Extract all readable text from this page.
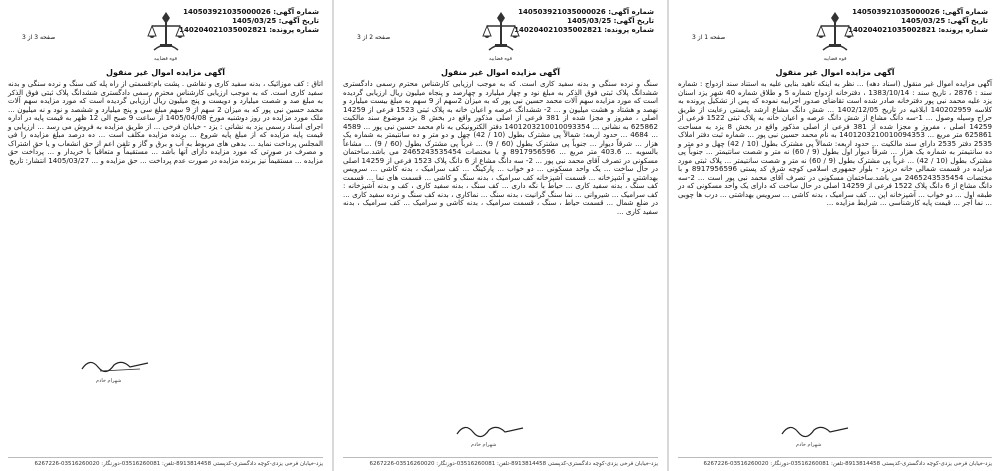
شماره آگهی: 140503921035000026
تاریخ آگهی: 1405/03/25
شماره پرونده: 140204021035002821
صفحه 3 از 3
قوه قضاییه
آگهی مزایده اموال غیر منقول
اتاق : کف موزائیک ، بدنه سفید کاری و نقاشی . پشت بام:قسمتی از راه پله کف سنگ و نرده سنگی و بدنه سفید کاری است. که به موجب ارزیابی کارشناس محترم رسمی دادگستری ششدانگ پلاک ثبتی فوق الذکر به مبلغ صد و شصت میلیارد و دویست و پنج میلیون ریال ارزیابی گردیده است که مورد مزایده سهم آلات محمد حسین نبی پور که به میزان 2 سهم از 9 سهم مبلغ سی و پنج میلیارد و ششصد و نود و نه میلیون ... ملک مورد مزایده در روز دوشنبه مورخ 1405/04/08 از ساعت 9 صبح الی 12 ظهر به قیمت پایه در اداره اجرای اسناد رسمی یزد به نشانی : یزد - خیابان فرخی ... از طریق مزایده به فروش می رسد ... ارزیابی و قیمت پایه مزایده که از مبلغ پایه شروع ... برنده مزایده مکلف است ... ده درصد مبلغ مزایده را فی المجلس پرداخت نماید ... بدهی های مربوط به آب و برق و گاز و تلفن اعم از حق انشعاب و یا حق اشتراک و مصرف در صورتی که مورد مزایده دارای آنها باشد ... مستقیماً و متعاقباً با خریدار و ... پرداخت حق مزایده ... مستقیماً نیز برنده مزایده در صورت عدم پرداخت ... حق مزایده و ... 1405/03/27 انتشار: تاریخ
شهرام خادم
یزد-خیابان فرخی یزدی-کوچه دادگستری-کدپستی 8913814458-تلفن: 03516260081-دورنگار: 03516260020-6267226
شماره آگهی: 140503921035000026
تاریخ آگهی: 1405/03/25
شماره پرونده: 140204021035002821
صفحه 2 از 3
قوه قضاییه
آگهی مزایده اموال غیر منقول
سنگ و نرده سنگی و بدنه سفید کاری است. که به موجب ارزیابی کارشناس محترم رسمی دادگستری ششدانگ پلاک ثبتی فوق الذکر به مبلغ نود و چهار میلیارد و چهارصد و پنجاه میلیون ریال ارزیابی گردیده است که مورد مزایده سهم آلات محمد حسین نبی پور که به میزان 2سهم از 9 سهم به مبلغ بیست میلیارد و نهصد و هشتاد و هشت میلیون و ... 2- ششدانگ عرصه و اعیان خانه به پلاک ثبتی 1523 فرعی از 14259 اصلی ، مفروز و مجزا شده از 381 فرعی از اصلی مذکور واقع در بخش 8 یزد موضوع سند مالکیت 625862 به نشانی ... 1401203210010093354 دفتر الکترونیکی به نام محمد حسین نبی پور ... 4589 ... 4684 ... حدود اربعه: شمالاً پی مشترک بطول (10 / 42) چهل و دو متر و ده سانتیمتر به شماره یک هزار ... شرقاً دیوار ... جنوباً پی مشترک بطول (60 / 9) ... غرباً پی مشترک بطول (60 / 9) ... مشاعاً بالسویه ... 403.6 متر مربع ... 8917956596 و با مختصات 2465243535454 می باشد.ساختمان مسکونی در تصرف آقای محمد نبی پور ... 2- سه دانگ مشاع از 6 دانگ پلاک 1523 فرعی از 14259 اصلی در حال ساخت ... یک واحد مسکونی ... دو خواب ... پارکینگ ... کف سرامیک ، بدنه کاشی ... سرویس بهداشتی و آشپزخانه ... قسمت آشپزخانه کف سرامیک ، بدنه سنگ و کاشی ... قسمت های نما ... قسمت کف سنگ ، بدنه سفید کاری ... حیاط با نگه داری ... کف سنگ ، بدنه سفید کاری ، کف و بدنه آشپزخانه : کف سرامیک ... شیروانی ... نما سنگ گرانیت ، بدنه سنگ ... نماکاری ، بدنه کف سنگ و نرده سفید کاری ... در ضلع شمال ... قسمت حیاط ، سنگ ، قسمت سرامیک ، بدنه کاشی و سرامیک ... کف سرامیک ، بدنه سفید کاری ...
شهرام خادم
یزد-خیابان فرخی یزدی-کوچه دادگستری-کدپستی 8913814458-تلفن: 03516260081-دورنگار: 03516260020-6267226
شماره آگهی: 140503921035000026
تاریخ آگهی: 1405/03/25
شماره پرونده: 140204021035002821
صفحه 1 از 3
قوه قضاییه
آگهی مزایده اموال غیر منقول
آگهی مزایده اموال غیر منقول (اسناد دهه) ... نظر به اینکه ناهید بنایی علیه به استناد سند ازدواج : شماره سند : 2876 ، تاریخ سند : 1383/10/14 ، دفترخانه ازدواج شماره 5 و طلاق شماره 40 شهر یزد اسنان یزد علیه محمد نبی پور دفترخانه صادر شده است تقاضای صدور اجراییه نموده که پس از تشکیل پرونده به کلاسه 140202959 ابلاغیه در تاریخ 1402/12/05 ... شش دانگ مشاع ارشد بایستی رعایت از طریق حراج وسیله وصول ... 1-سه دانگ مشاع از شش دانگ عرصه و اعیان خانه به پلاک ثبتی 1522 فرعی از 14259 اصلی ، مفروز و مجزا شده از 381 فرعی از اصلی مذکور واقع در بخش 8 یزد به مساحت 625861 متر مربع ... 1401203210010094353 به نام محمد حسین نبی پور ... شماره ثبت دفتر املاک 2535 دفتر 2535 دارای سند مالکیت ... حدود اربعه: شمالاً پی مشترک بطول (10 / 42) چهل و دو متر و ده سانتیمتر به شماره یک هزار ... شرقاً دیوار اول بطول (9 / 60) نه متر و شصت سانتیمتر ... جنوباً پی مشترک بطول (10 / 42) ... غرباً پی مشترک بطول (9 / 60) نه متر و شصت سانتیمتر ... پلاک ثبتی مورد مزایده در قسمت شمالی خانه دربزد - بلوار جمهوری اسلامی کوچه شرق کد پستی 8917956596 و با مختصات 2465243535454 می باشد.ساختمان مسکونی در تصرف آقای محمد نبی پور است ... 2-سه دانگ مشاع از 6 دانگ پلاک 1522 فرعی از 14259 اصلی در حال ساخت که دارای یک واحد مسکونی که در طبقه اول ... دو خواب ... آشپزخانه اپن ... کف سرامیک ، بدنه کاشی ... سرویس بهداشتی ... درب ها چوبی ... نما آجر ... قیمت پایه کارشناسی ... شرایط مزایده ...
شهرام خادم
یزد-خیابان فرخی یزدی-کوچه دادگستری-کدپستی 8913814458-تلفن: 03516260081-دورنگار: 03516260020-6267226
